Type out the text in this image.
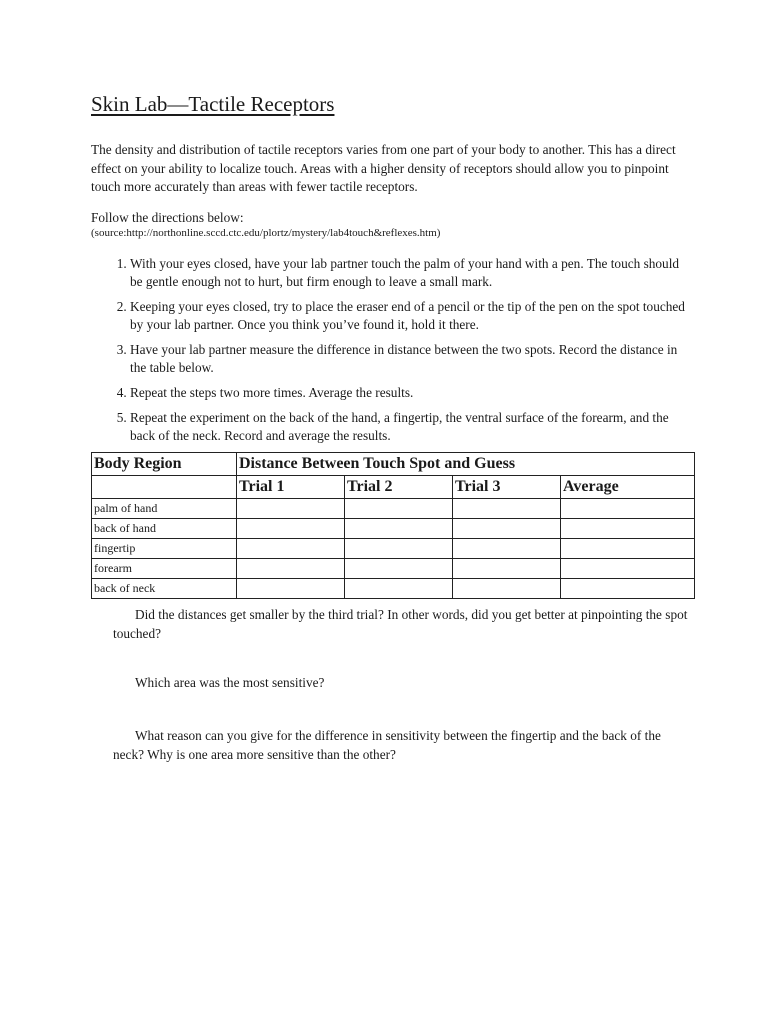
Skin Lab—Tactile Receptors

The density and distribution of tactile receptors varies from one part of your body to another. This has a direct effect on your ability to localize touch. Areas with a higher density of receptors should allow you to pinpoint touch more accurately than areas with fewer tactile receptors.

Follow the directions below:

(source:http://northonline.sccd.ctc.edu/plortz/mystery/lab4touch&reflexes.htm)

1. With your eyes closed, have your lab partner touch the palm of your hand with a pen. The touch should be gentle enough not to hurt, but firm enough to leave a small mark.
2. Keeping your eyes closed, try to place the eraser end of a pencil or the tip of the pen on the spot touched by your lab partner. Once you think you’ve found it, hold it there.
3. Have your lab partner measure the difference in distance between the two spots. Record the distance in the table below.
4. Repeat the steps two more times. Average the results.
5. Repeat the experiment on the back of the hand, a fingertip, the ventral surface of the forearm, and the back of the neck. Record and average the results.
Body Region	Distance Between Touch Spot and Guess			
	Trial 1	Trial 2	Trial 3	Average
palm of hand				
back of hand				
fingertip				
forearm				
back of neck				

Did the distances get smaller by the third trial? In other words, did you get better at pinpointing the spot touched?

Which area was the most sensitive?

What reason can you give for the difference in sensitivity between the fingertip and the back of the neck? Why is one area more sensitive than the other?
